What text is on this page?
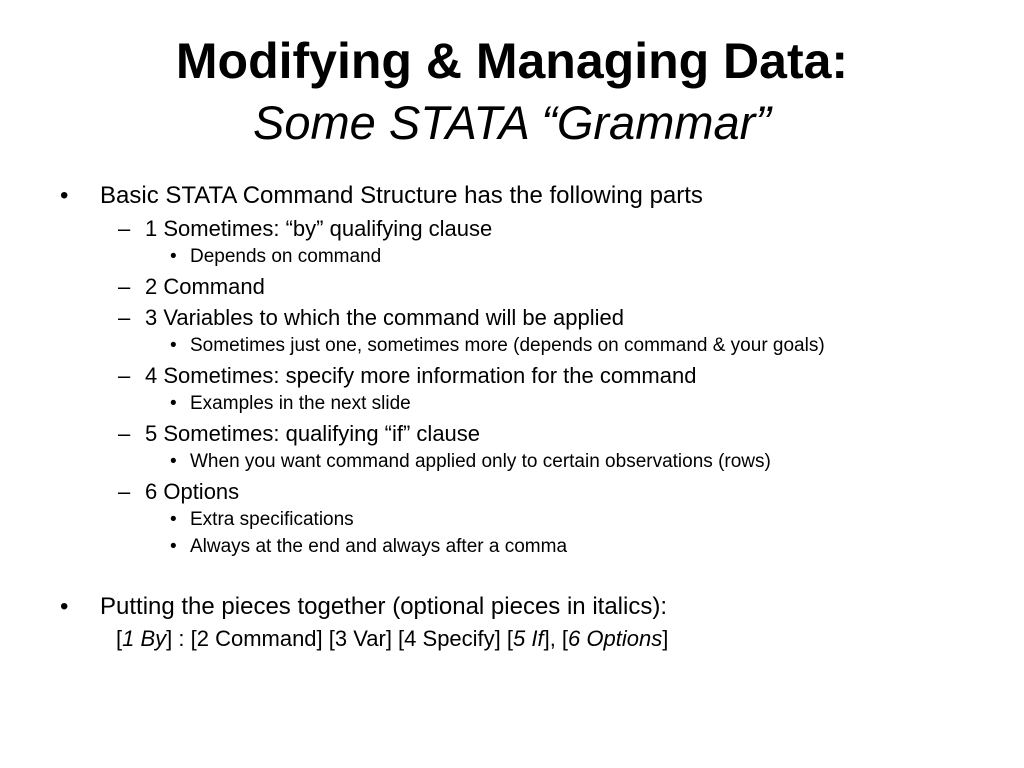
Modifying & Managing Data:
Some STATA “Grammar”
• Basic STATA Command Structure has the following parts
– 1 Sometimes: “by” qualifying clause
• Depends on command
– 2 Command
– 3 Variables to which the command will be applied
• Sometimes just one, sometimes more (depends on command & your goals)
– 4 Sometimes: specify more information for the command
• Examples in the next slide
– 5 Sometimes: qualifying “if” clause
• When you want command applied only to certain observations (rows)
– 6 Options
• Extra specifications
• Always at the end and always after a comma
• Putting the pieces together (optional pieces in italics):
[1 By] : [2 Command] [3 Var] [4 Specify] [5 If], [6 Options]
